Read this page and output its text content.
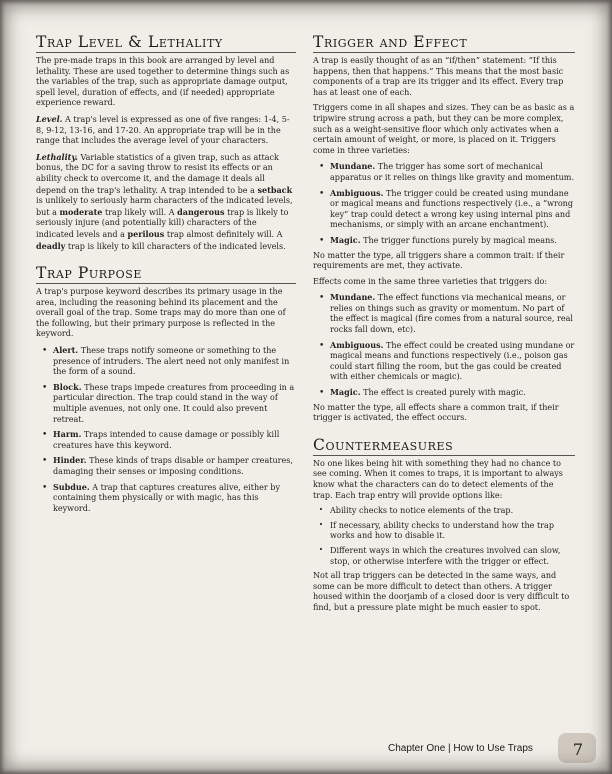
Trap Level & Lethality

The pre-made traps in this book are arranged by level and lethality. These are used together to determine things such as the variables of the trap, such as appropriate damage output, spell level, duration of effects, and (if needed) appropriate experience reward.

Level. A trap's level is expressed as one of five ranges: 1-4, 5-8, 9-12, 13-16, and 17-20. An appropriate trap will be in the range that includes the average level of your characters.

Lethality. Variable statistics of a given trap, such as attack bonus, the DC for a saving throw to resist its effects or an ability check to overcome it, and the damage it deals all depend on the trap's lethality. A trap intended to be a setback is unlikely to seriously harm characters of the indicated levels, but a moderate trap likely will. A dangerous trap is likely to seriously injure (and potentially kill) characters of the indicated levels and a perilous trap almost definitely will. A deadly trap is likely to kill characters of the indicated levels.

Trap Purpose

A trap's purpose keyword describes its primary usage in the area, including the reasoning behind its placement and the overall goal of the trap. Some traps may do more than one of the following, but their primary purpose is reflected in the keyword.

• Alert. These traps notify someone or something to the presence of intruders. The alert need not only manifest in the form of a sound.
• Block. These traps impede creatures from proceeding in a particular direction. The trap could stand in the way of multiple avenues, not only one. It could also prevent retreat.
• Harm. Traps intended to cause damage or possibly kill creatures have this keyword.
• Hinder. These kinds of traps disable or hamper creatures, damaging their senses or imposing conditions.
• Subdue. A trap that captures creatures alive, either by containing them physically or with magic, has this keyword.
Trigger and Effect

A trap is easily thought of as an “if/then” statement: “If this happens, then that happens.” This means that the most basic components of a trap are its trigger and its effect. Every trap has at least one of each.

Triggers come in all shapes and sizes. They can be as basic as a tripwire strung across a path, but they can be more complex, such as a weight-sensitive floor which only activates when a certain amount of weight, or more, is placed on it. Triggers come in three varieties:

• Mundane. The trigger has some sort of mechanical apparatus or it relies on things like gravity and momentum.
• Ambiguous. The trigger could be created using mundane or magical means and functions respectively (i.e., a “wrong key” trap could detect a wrong key using internal pins and mechanisms, or simply with an arcane enchantment).
• Magic. The trigger functions purely by magical means.

No matter the type, all triggers share a common trait: if their requirements are met, they activate.

Effects come in the same three varieties that triggers do:

• Mundane. The effect functions via mechanical means, or relies on things such as gravity or momentum. No part of the effect is magical (fire comes from a natural source, real rocks fall down, etc).
• Ambiguous. The effect could be created using mundane or magical means and functions respectively (i.e., poison gas could start filling the room, but the gas could be created with either chemicals or magic).
• Magic. The effect is created purely with magic.

No matter the type, all effects share a common trait, if their trigger is activated, the effect occurs.

Countermeasures

No one likes being hit with something they had no chance to see coming. When it comes to traps, it is important to always know what the characters can do to detect elements of the trap. Each trap entry will provide options like:

· Ability checks to notice elements of the trap.
· If necessary, ability checks to understand how the trap works and how to disable it.
· Different ways in which the creatures involved can slow, stop, or otherwise interfere with the trigger or effect.

Not all trap triggers can be detected in the same ways, and some can be more difficult to detect than others. A trigger housed within the doorjamb of a closed door is very difficult to find, but a pressure plate might be much easier to spot.

Chapter One | How to Use Traps	7
